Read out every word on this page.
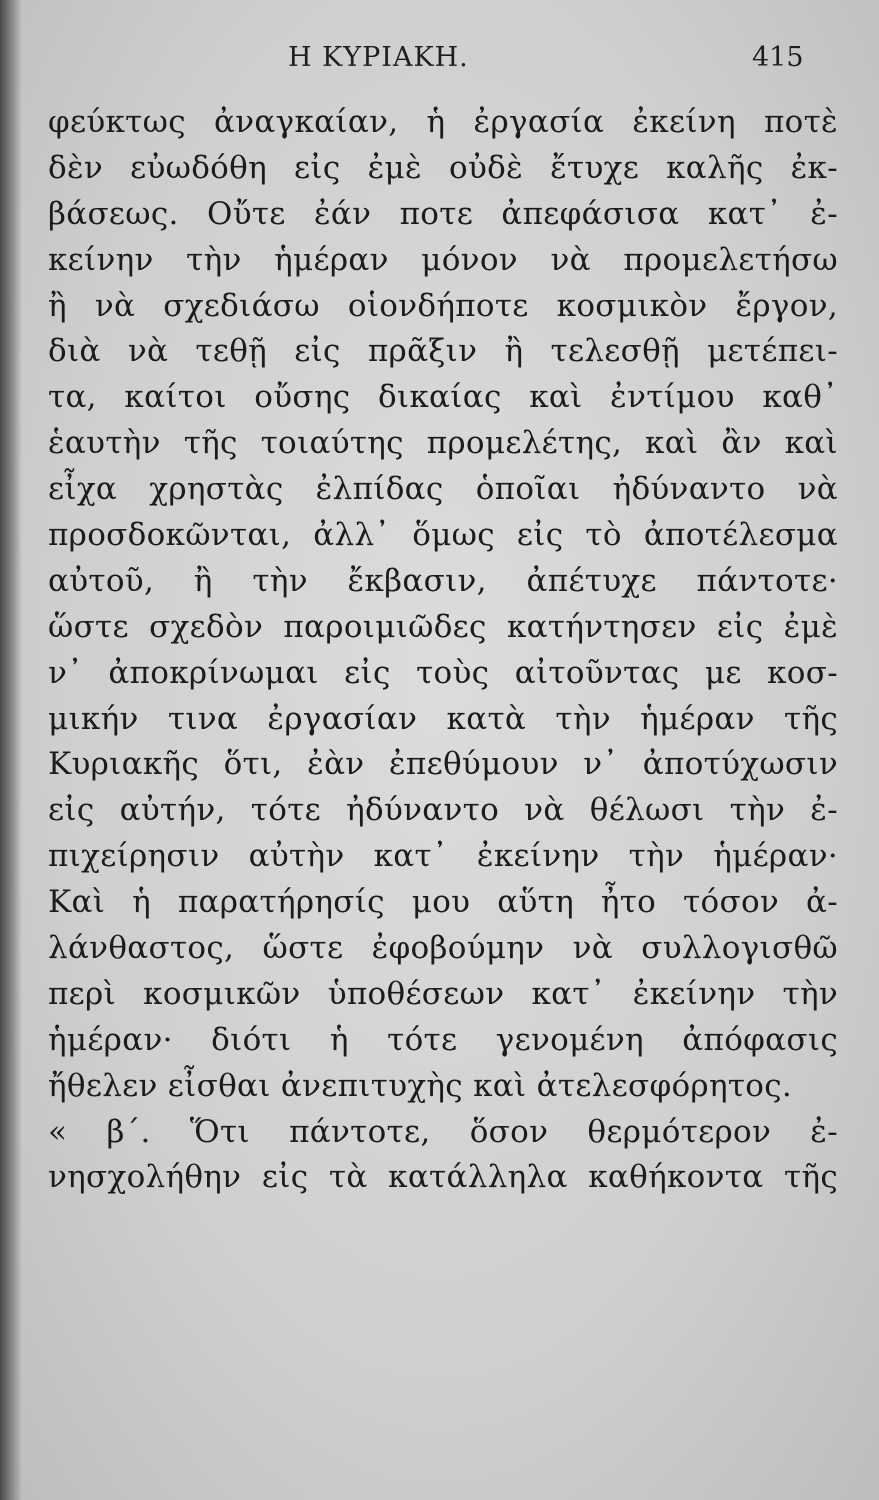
Η ΚΥΡΙΑΚΗ.	415
φεύκτως ἀναγκαίαν, ἡ ἐργασία ἐκείνη ποτὲ
δὲν εὐωδόθη εἰς ἐμὲ οὐδὲ ἔτυχε καλῆς ἐκ-
βάσεως. Οὔτε ἐάν ποτε ἀπεφάσισα κατ᾽ ἐ-
κείνην τὴν ἡμέραν μόνον νὰ προμελετήσω
ἢ νὰ σχεδιάσω οἱονδήποτε κοσμικὸν ἔργον,
διὰ νὰ τεθῇ εἰς πρᾶξιν ἢ τελεσθῇ μετέπει-
τα, καίτοι οὔσης δικαίας καὶ ἐντίμου καθ᾽
ἑαυτὴν τῆς τοιαύτης προμελέτης, καὶ ἂν καὶ
εἶχα χρηστὰς ἐλπίδας ὁποῖαι ἠδύναντο νὰ
προσδοκῶνται, ἀλλ᾽ ὅμως εἰς τὸ ἀποτέλεσμα
αὐτοῦ, ἢ τὴν ἔκβασιν, ἀπέτυχε πάντοτε·
ὥστε σχεδὸν παροιμιῶδες κατήντησεν εἰς ἐμὲ
ν᾽ ἀποκρίνωμαι εἰς τοὺς αἰτοῦντας με κοσ-
μικήν τινα ἐργασίαν κατὰ τὴν ἡμέραν τῆς
Κυριακῆς ὅτι, ἐὰν ἐπεθύμουν ν᾽ ἀποτύχωσιν
εἰς αὐτήν, τότε ἠδύναντο νὰ θέλωσι τὴν ἐ-
πιχείρησιν αὐτὴν κατ᾽ ἐκείνην τὴν ἡμέραν·
Καὶ ἡ παρατήρησίς μου αὕτη ἦτο τόσον ἀ-
λάνθαστος, ὥστε ἐφοβούμην νὰ συλλογισθῶ
περὶ κοσμικῶν ὑποθέσεων κατ᾽ ἐκείνην τὴν
ἡμέραν· διότι ἡ τότε γενομένη ἀπόφασις
ἤθελεν εἶσθαι ἀνεπιτυχὴς καὶ ἀτελεσφόρητος.
« β΄. Ὅτι πάντοτε, ὅσον θερμότερον ἐ-
νησχολήθην εἰς τὰ κατάλληλα καθήκοντα τῆς
